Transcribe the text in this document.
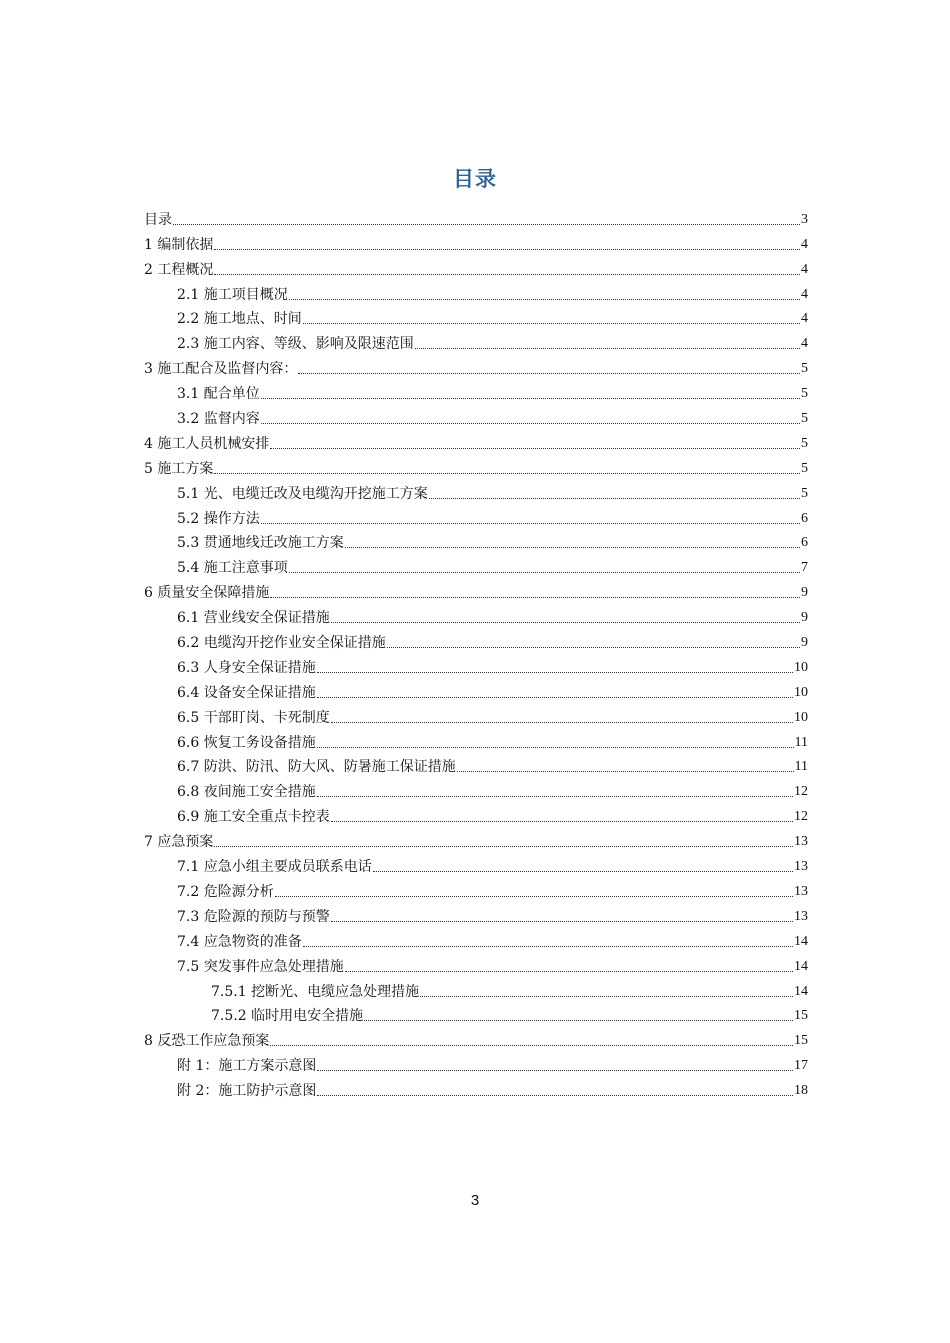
目录
目录	3
1 编制依据	4
2 工程概况	4
2.1 施工项目概况	4
2.2 施工地点、时间	4
2.3 施工内容、等级、影响及限速范围	4
3 施工配合及监督内容：	5
3.1 配合单位	5
3.2 监督内容	5
4 施工人员机械安排	5
5 施工方案	5
5.1 光、电缆迁改及电缆沟开挖施工方案	5
5.2 操作方法	6
5.3 贯通地线迁改施工方案	6
5.4 施工注意事项	7
6 质量安全保障措施	9
6.1 营业线安全保证措施	9
6.2 电缆沟开挖作业安全保证措施	9
6.3 人身安全保证措施	10
6.4 设备安全保证措施	10
6.5 干部盯岗、卡死制度	10
6.6 恢复工务设备措施	11
6.7 防洪、防汛、防大风、防暑施工保证措施	11
6.8 夜间施工安全措施	12
6.9 施工安全重点卡控表	12
7 应急预案	13
7.1 应急小组主要成员联系电话	13
7.2 危险源分析	13
7.3 危险源的预防与预警	13
7.4 应急物资的准备	14
7.5 突发事件应急处理措施	14
7.5.1 挖断光、电缆应急处理措施	14
7.5.2 临时用电安全措施	15
8 反恐工作应急预案	15
附 1：施工方案示意图	17
附 2：施工防护示意图	18
3
